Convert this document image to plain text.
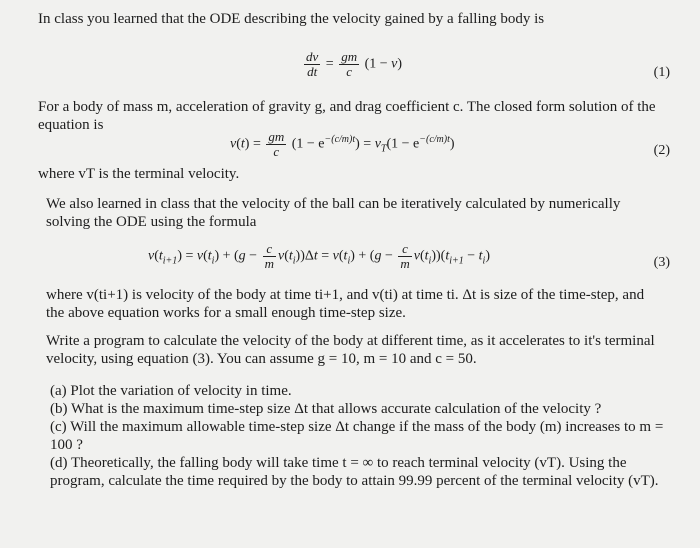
In class you learned that the ODE describing the velocity gained by a falling body is

$\frac{dv}{dt} = \frac{gm}{c} (1 - v)$
(1)

For a body of mass m, acceleration of gravity g, and drag coefficient c. The closed form solution of the equation is

$v(t) = \frac{gm}{c} (1 - e^{-(c/m)t}) = v_T(1 - e^{-(c/m)t})$	(2)

where vT is the terminal velocity.

We also learned in class that the velocity of the ball can be iteratively calculated by numerically solving the ODE using the formula

$v(t_{i+1}) = v(t_i) + (g - \frac{c}{m} v(t_i))\Delta t = v(t_i) + (g - \frac{c}{m} v(t_i))(t_{i+1} - t_i)$	(3)

where v(ti+1) is velocity of the body at time ti+1, and v(ti) at time ti. Δt is size of the time-step, and the above equation works for a small enough time-step size.

Write a program to calculate the velocity of the body at different time, as it accelerates to it's terminal velocity, using equation (3). You can assume g = 10, m = 10 and c = 50.

(a) Plot the variation of velocity in time.

(b) What is the maximum time-step size Δt that allows accurate calculation of the velocity ?

(c) Will the maximum allowable time-step size Δt change if the mass of the body (m) increases to m = 100 ?

(d) Theoretically, the falling body will take time t = ∞ to reach terminal velocity (vT). Using the program, calculate the time required by the body to attain 99.99 percent of the terminal velocity (vT).
